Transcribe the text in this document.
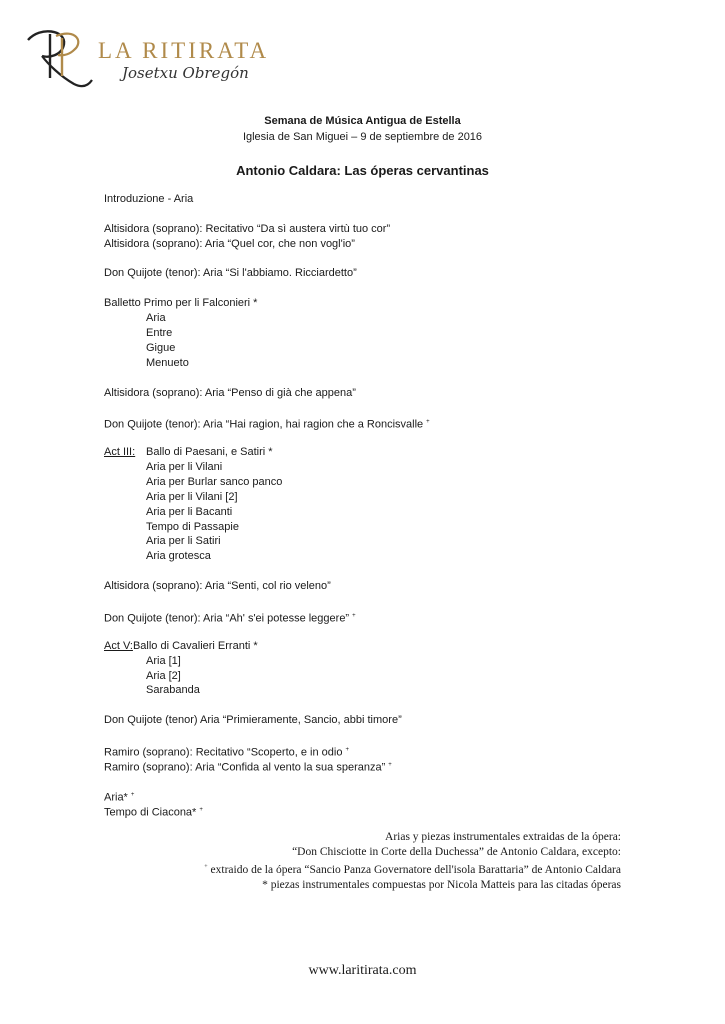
LA RITIRATA
Josetxu Obregón
Semana de Música Antigua de Estella
Iglesia de San Miguei – 9 de septiembre de 2016
Antonio Caldara: Las óperas cervantinas
Introduzione - Aria
Altisidora (soprano): Recitativo “Da sì austera virtù tuo cor”
Altisidora (soprano): Aria “Quel cor, che non vogl'io”
Don Quijote (tenor): Aria “Si l'abbiamo. Ricciardetto”
Balletto Primo per li Falconieri *
Aria
Entre
Gigue
Menueto
Altisidora (soprano): Aria “Penso di già che appena”
Don Quijote (tenor): Aria “Hai ragion, hai ragion che a Roncisvalle +
Act III: Ballo di Paesani, e Satiri *
Aria per li Vilani
Aria per Burlar sanco panco
Aria per li Vilani [2]
Aria per li Bacanti
Tempo di Passapie
Aria per li Satiri
Aria grotesca
Altisidora (soprano): Aria “Senti, col rio veleno”
Don Quijote (tenor): Aria “Ah' s'ei potesse leggere” +
Act V:Ballo di Cavalieri Erranti *
Aria [1]
Aria [2]
Sarabanda
Don Quijote (tenor) Aria “Primieramente, Sancio, abbi timore”
Ramiro (soprano): Recitativo “Scoperto, e in odio +
Ramiro (soprano): Aria “Confida al vento la sua speranza” +
Aria* +
Tempo di Ciacona* +
Arias y piezas instrumentales extraidas de la ópera:
“Don Chisciotte in Corte della Duchessa” de Antonio Caldara, excepto:
+ extraido de la ópera “Sancio Panza Governatore dell'isola Barattaria” de Antonio Caldara
* piezas instrumentales compuestas por Nicola Matteis para las citadas óperas
www.laritirata.com
